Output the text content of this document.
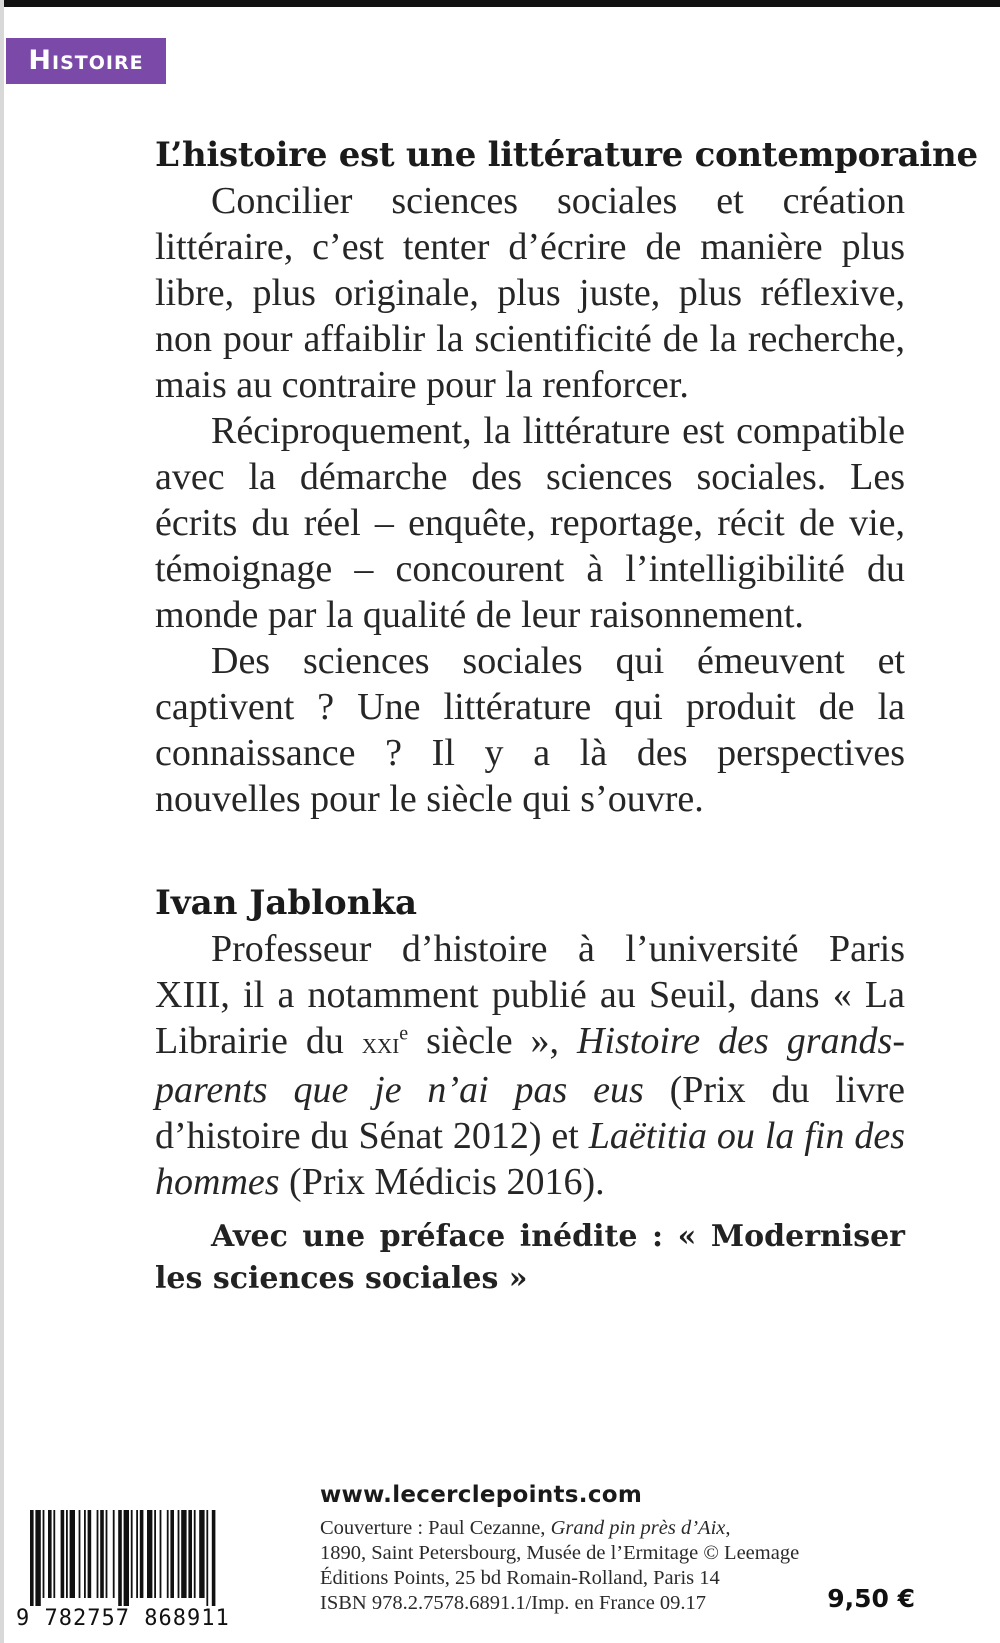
Histoire
L’histoire est une littérature contemporaine

Concilier sciences sociales et création littéraire, c’est tenter d’écrire de manière plus libre, plus originale, plus juste, plus réflexive, non pour affaiblir la scientificité de la recherche, mais au contraire pour la renforcer.

Réciproquement, la littérature est compatible avec la démarche des sciences sociales. Les écrits du réel – enquête, reportage, récit de vie, témoignage – concourent à l’intelligibilité du monde par la qualité de leur raisonnement.

Des sciences sociales qui émeuvent et captivent ? Une littérature qui produit de la connaissance ? Il y a là des perspectives nouvelles pour le siècle qui s’ouvre.

Ivan Jablonka

Professeur d’histoire à l’université Paris XIII, il a notamment publié au Seuil, dans « La Librairie du xxi$^e$ siècle », Histoire des grands-parents que je n’ai pas eus (Prix du livre d’histoire du Sénat 2012) et Laëtitia ou la fin des hommes (Prix Médicis 2016).

Avec une préface inédite : « Moderniser les sciences sociales »

www.lecerclepoints.com
Couverture : Paul Cezanne, Grand pin près d’Aix,
1890, Saint Petersbourg, Musée de l’Ermitage © Leemage
Éditions Points, 25 bd Romain-Rolland, Paris 14
ISBN 978.2.7578.6891.1/Imp. en France 09.17	9,50 €
9  782757  868911
